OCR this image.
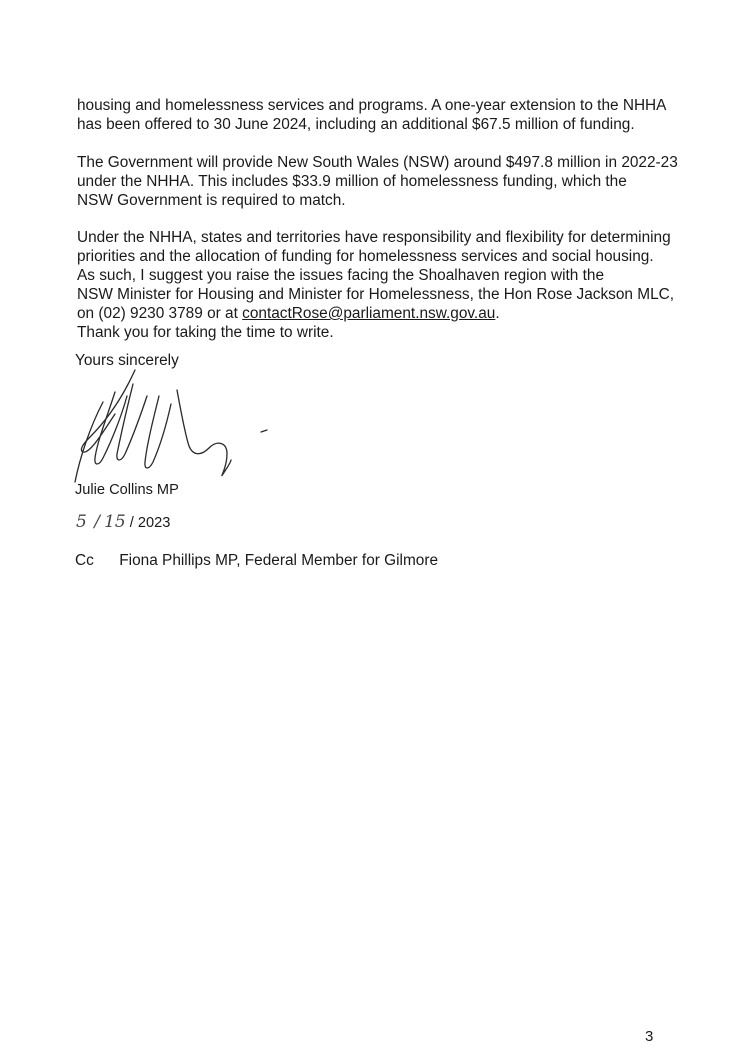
housing and homelessness services and programs. A one-year extension to the NHHA
has been offered to 30 June 2024, including an additional $67.5 million of funding.
The Government will provide New South Wales (NSW) around $497.8 million in 2022-23
under the NHHA. This includes $33.9 million of homelessness funding, which the
NSW Government is required to match.
Under the NHHA, states and territories have responsibility and flexibility for determining
priorities and the allocation of funding for homelessness services and social housing.
As such, I suggest you raise the issues facing the Shoalhaven region with the
NSW Minister for Housing and Minister for Homelessness, the Hon Rose Jackson MLC,
on (02) 9230 3789 or at contactRose@parliament.nsw.gov.au.
Thank you for taking the time to write.
Yours sincerely
Julie Collins MP
5  / 15 / 2023
Cc Fiona Phillips MP, Federal Member for Gilmore
3
